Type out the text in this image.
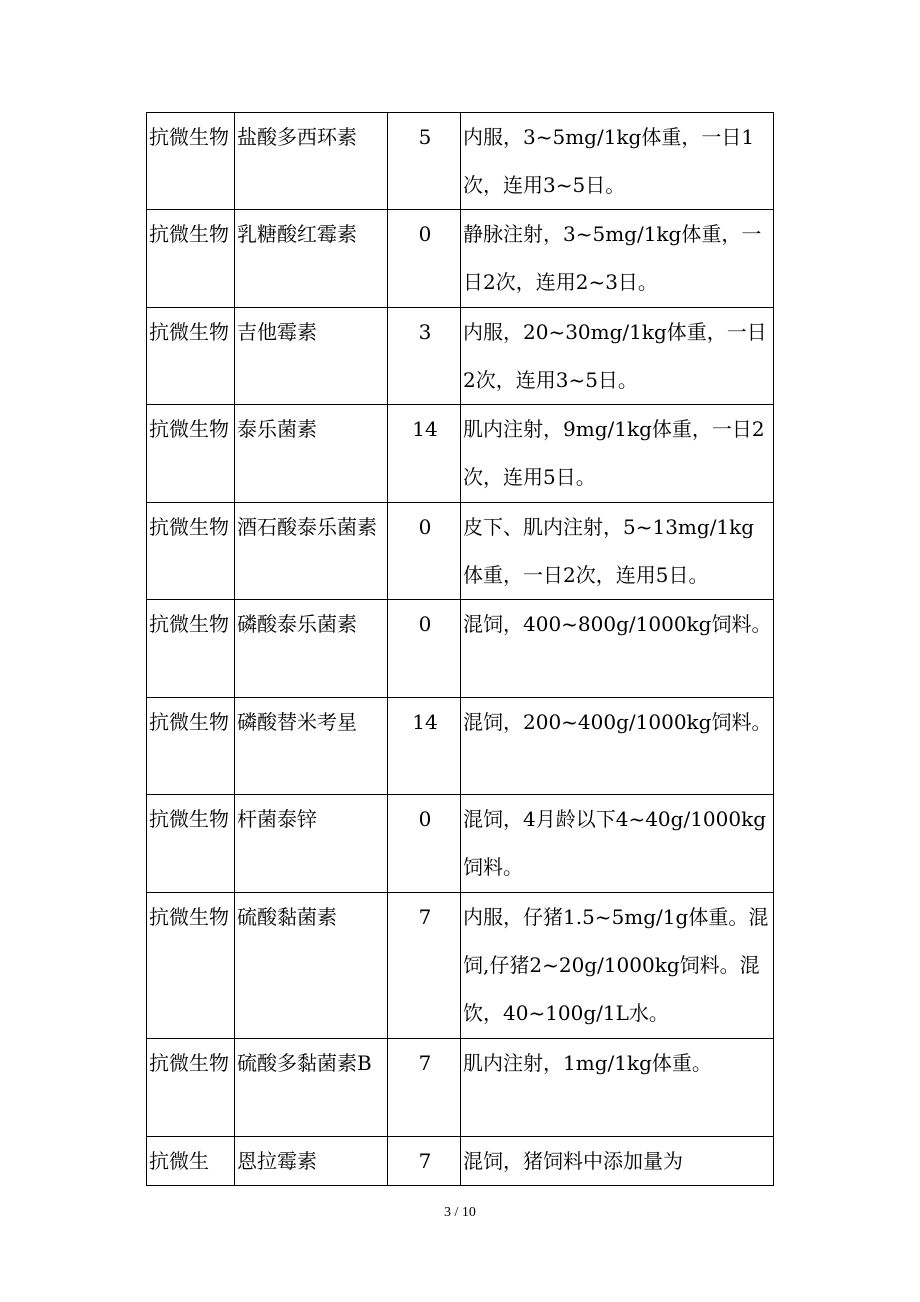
抗微生物	盐酸多西环素	5	内服，3~5mg/1kg体重，一日1次，连用3~5日。
抗微生物	乳糖酸红霉素	0	静脉注射，3~5mg/1kg体重，一日2次，连用2~3日。
抗微生物	吉他霉素	3	内服，20~30mg/1kg体重，一日2次，连用3~5日。
抗微生物	泰乐菌素	14	肌内注射，9mg/1kg体重，一日2次，连用5日。
抗微生物	酒石酸泰乐菌素	0	皮下、肌内注射，5~13mg/1kg体重，一日2次，连用5日。
抗微生物	磷酸泰乐菌素	0	混饲，400~800g/1000kg饲料。
抗微生物	磷酸替米考星	14	混饲，200~400g/1000kg饲料。
抗微生物	杆菌泰锌	0	混饲，4月龄以下4~40g/1000kg饲料。
抗微生物	硫酸黏菌素	7	内服，仔猪1.5~5mg/1g体重。混饲,仔猪2~20g/1000kg饲料。混饮，40~100g/1L水。
抗微生物	硫酸多黏菌素B	7	肌内注射，1mg/1kg体重。
抗微生	恩拉霉素	7	混饲，猪饲料中添加量为
3 / 10
